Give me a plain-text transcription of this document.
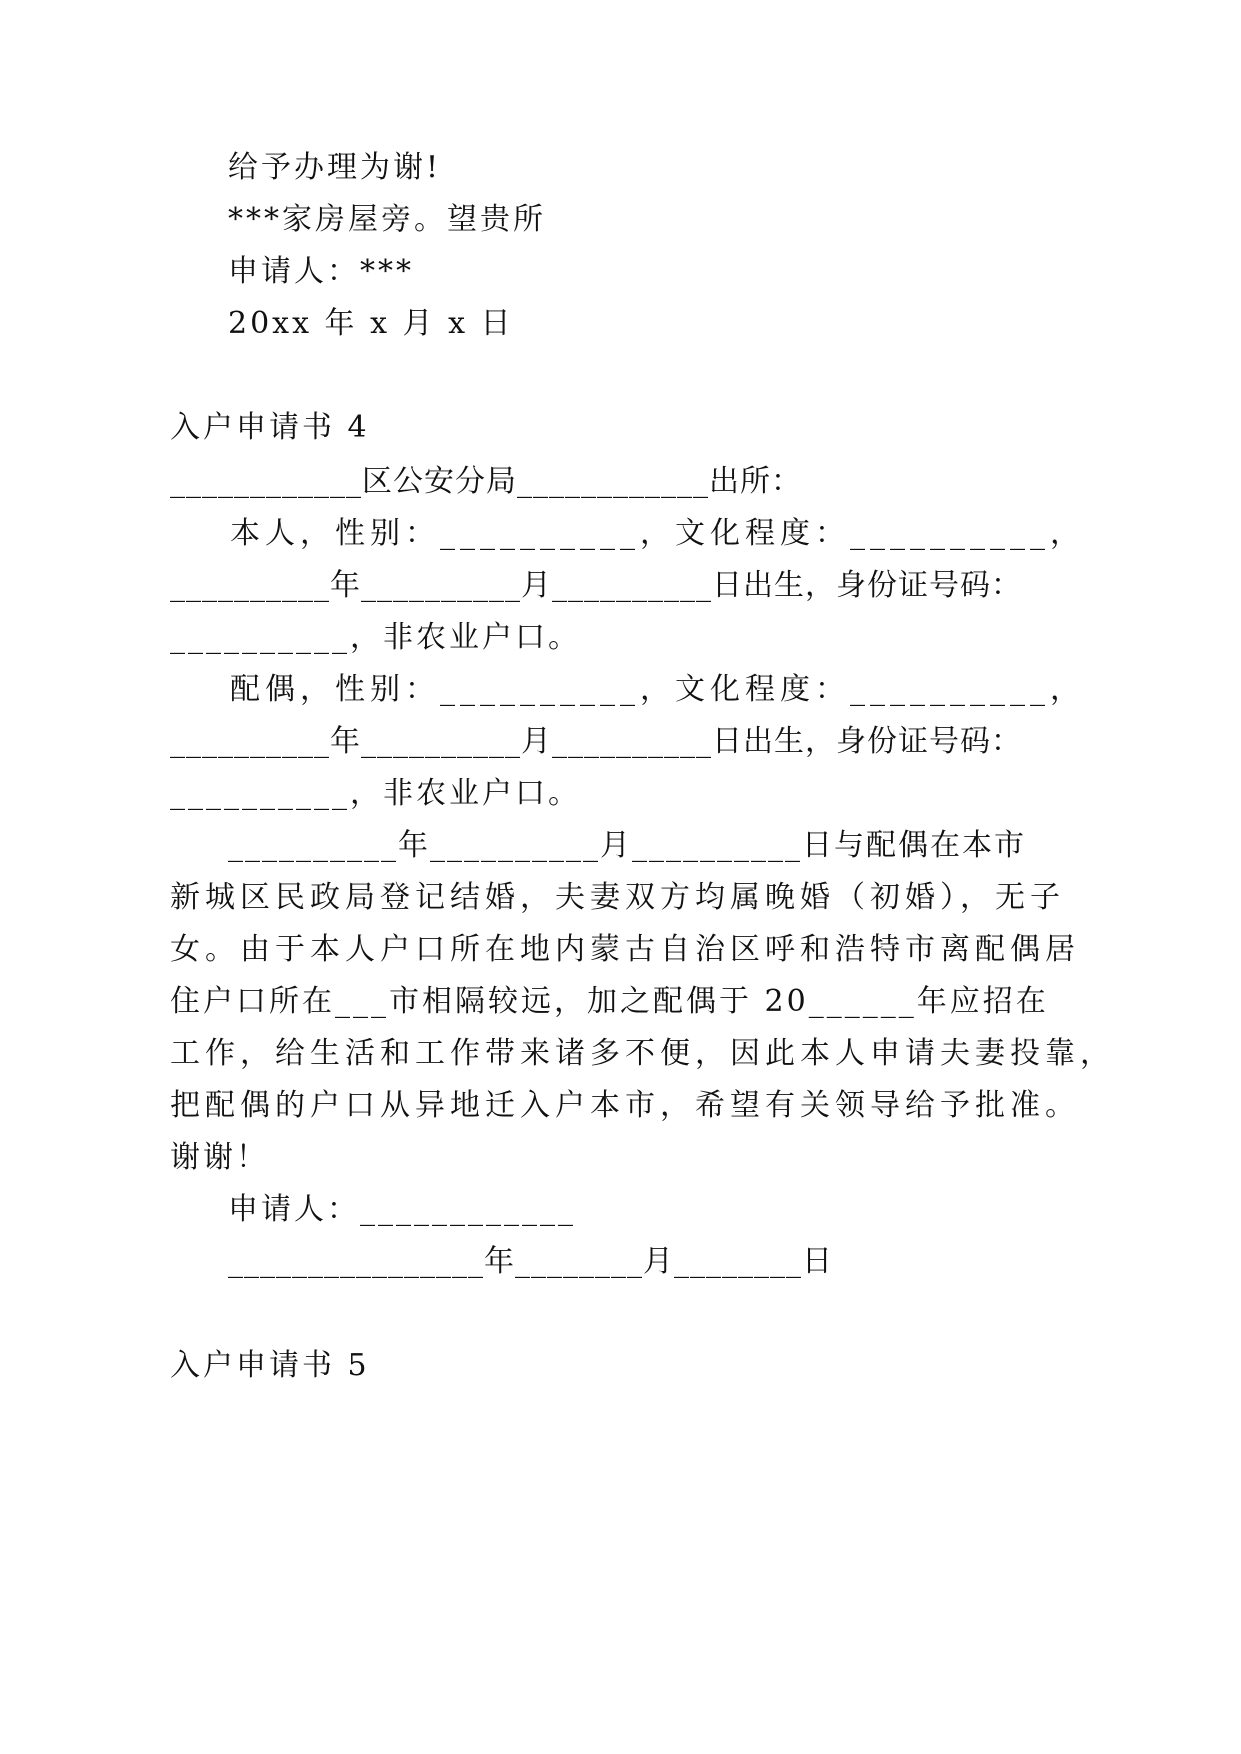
给予办理为谢!
***家房屋旁。望贵所
申请人：***
20xx 年 x 月 x 日
入户申请书 4
____________区公安分局____________出所：
本人，性别：__________，文化程度：__________，
__________年__________月__________日出生，身份证号码：
__________，非农业户口。
配偶，性别：__________，文化程度：__________，
__________年__________月__________日出生，身份证号码：
__________，非农业户口。
__________年__________月__________日与配偶在本市
新城区民政局登记结婚，夫妻双方均属晚婚（初婚），无子
女。由于本人户口所在地内蒙古自治区呼和浩特市离配偶居
住户口所在___市相隔较远，加之配偶于 20______年应招在
工作，给生活和工作带来诸多不便，因此本人申请夫妻投靠，
把配偶的户口从异地迁入户本市，希望有关领导给予批准。
谢谢！
申请人：____________
________________年________月________日
入户申请书 5
